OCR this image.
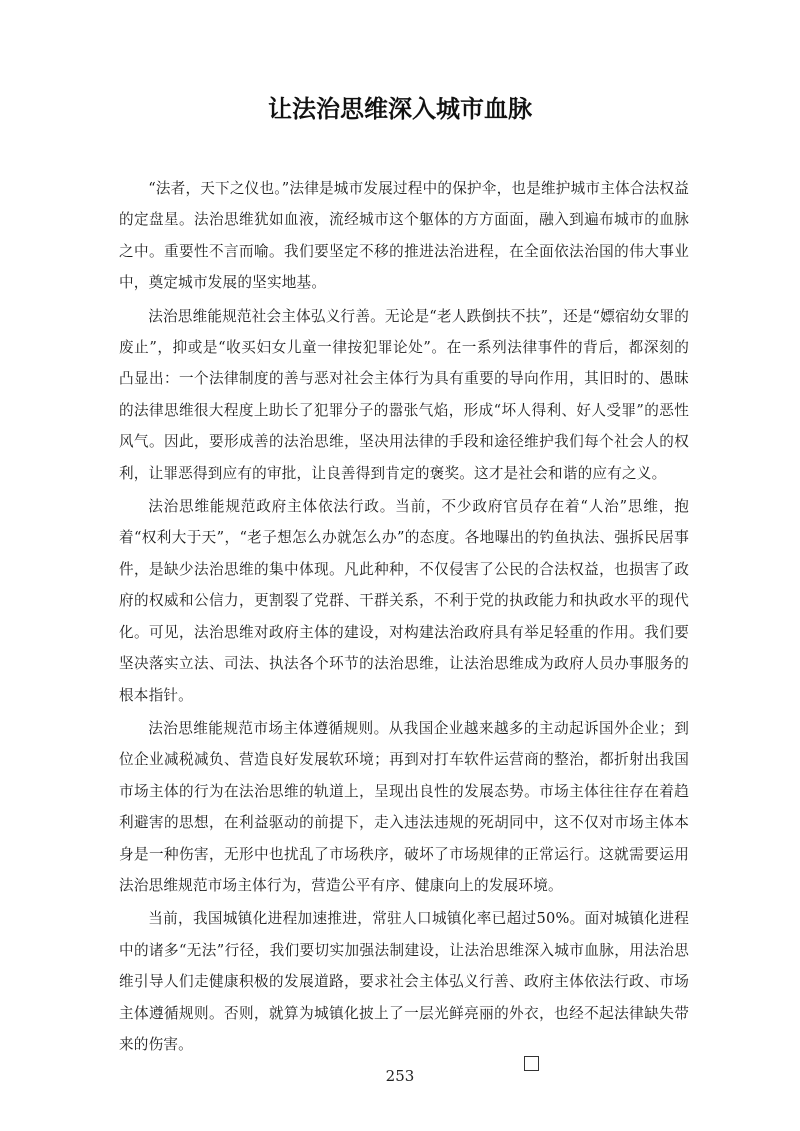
让法治思维深入城市血脉

“法者，天下之仪也。”法律是城市发展过程中的保护伞，也是维护城市主体合法权益的定盘星。法治思维犹如血液，流经城市这个躯体的方方面面，融入到遍布城市的血脉之中。重要性不言而喻。我们要坚定不移的推进法治进程，在全面依法治国的伟大事业中，奠定城市发展的坚实地基。

法治思维能规范社会主体弘义行善。无论是“老人跌倒扶不扶”，还是“嫖宿幼女罪的废止”，抑或是“收买妇女儿童一律按犯罪论处”。在一系列法律事件的背后，都深刻的凸显出：一个法律制度的善与恶对社会主体行为具有重要的导向作用，其旧时的、愚昧的法律思维很大程度上助长了犯罪分子的嚣张气焰，形成“坏人得利、好人受罪”的恶性风气。因此，要形成善的法治思维，坚决用法律的手段和途径维护我们每个社会人的权利，让罪恶得到应有的审批，让良善得到肯定的褒奖。这才是社会和谐的应有之义。

法治思维能规范政府主体依法行政。当前，不少政府官员存在着“人治”思维，抱着“权利大于天”，“老子想怎么办就怎么办”的态度。各地曝出的钓鱼执法、强拆民居事件，是缺少法治思维的集中体现。凡此种种，不仅侵害了公民的合法权益，也损害了政府的权威和公信力，更割裂了党群、干群关系，不利于党的执政能力和执政水平的现代化。可见，法治思维对政府主体的建设，对构建法治政府具有举足轻重的作用。我们要坚决落实立法、司法、执法各个环节的法治思维，让法治思维成为政府人员办事服务的根本指针。

法治思维能规范市场主体遵循规则。从我国企业越来越多的主动起诉国外企业；到位企业减税减负、营造良好发展软环境；再到对打车软件运营商的整治，都折射出我国市场主体的行为在法治思维的轨道上，呈现出良性的发展态势。市场主体往往存在着趋利避害的思想，在利益驱动的前提下，走入违法违规的死胡同中，这不仅对市场主体本身是一种伤害，无形中也扰乱了市场秩序，破坏了市场规律的正常运行。这就需要运用法治思维规范市场主体行为，营造公平有序、健康向上的发展环境。

当前，我国城镇化进程加速推进，常驻人口城镇化率已超过50%。面对城镇化进程中的诸多“无法”行径，我们要切实加强法制建设，让法治思维深入城市血脉，用法治思维引导人们走健康积极的发展道路，要求社会主体弘义行善、政府主体依法行政、市场主体遵循规则。否则，就算为城镇化披上了一层光鲜亮丽的外衣，也经不起法律缺失带来的伤害。

253
